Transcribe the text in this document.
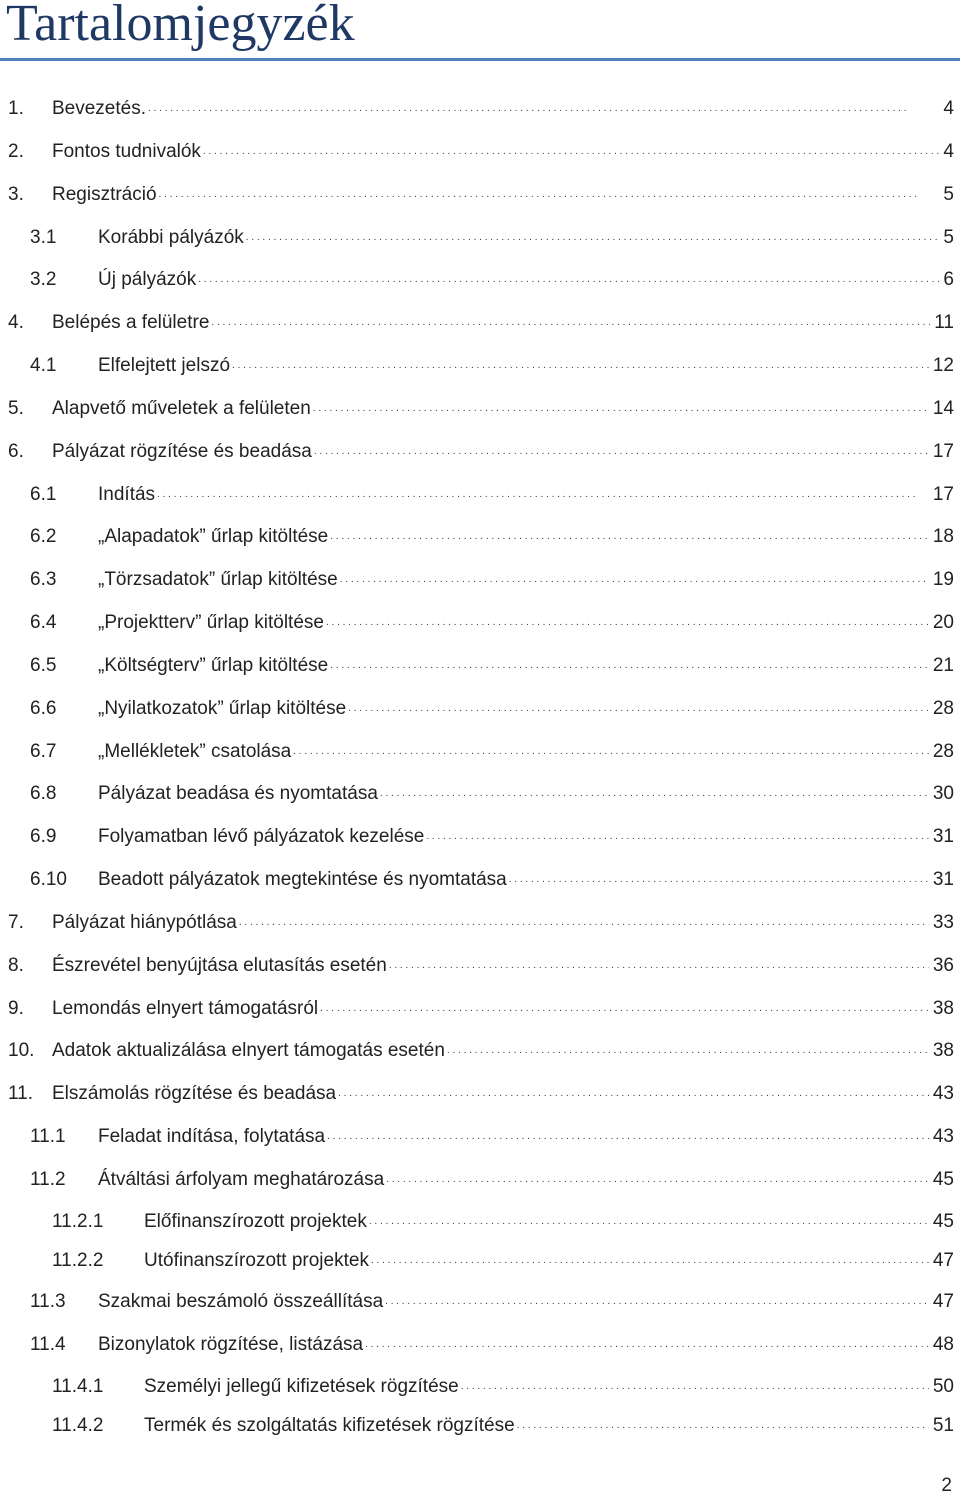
Tartalomjegyzék
1.	Bevezetés. . . .	4
2.	Fontos tudnivalók . . .	4
3.	Regisztráció . . .	5
3.1	Korábbi pályázók . . .	5
3.2	Új pályázók . . .	6
4.	Belépés a felületre . . .	11
4.1	Elfelejtett jelszó . . .	12
5.	Alapvető műveletek a felületen . . .	14
6.	Pályázat rögzítése és beadása . . .	17
6.1	Indítás . . .	17
6.2	„Alapadatok” űrlap kitöltése . . .	18
6.3	„Törzsadatok” űrlap kitöltése . . .	19
6.4	„Projektterv” űrlap kitöltése . . .	20
6.5	„Költségterv” űrlap kitöltése . . .	21
6.6	„Nyilatkozatok” űrlap kitöltése . . .	28
6.7	„Mellékletek” csatolása . . .	28
6.8	Pályázat beadása és nyomtatása . . .	30
6.9	Folyamatban lévő pályázatok kezelése . . .	31
6.10	Beadott pályázatok megtekintése és nyomtatása . . .	31
7.	Pályázat hiánypótlása . . .	33
8.	Észrevétel benyújtása elutasítás esetén . . .	36
9.	Lemondás elnyert támogatásról . . .	38
10. Adatok aktualizálása elnyert támogatás esetén . . .	38
11. Elszámolás rögzítése és beadása . . .	43
11.1	Feladat indítása, folytatása . . .	43
11.2	Átváltási árfolyam meghatározása . . .	45
11.2.1	Előfinanszírozott projektek . . .	45
11.2.2	Utófinanszírozott projektek . . .	47
11.3	Szakmai beszámoló összeállítása . . .	47
11.4	Bizonylatok rögzítése, listázása . . .	48
11.4.1	Személyi jellegű kifizetések rögzítése . . .	50
11.4.2	Termék és szolgáltatás kifizetések rögzítése . . .	51
2
